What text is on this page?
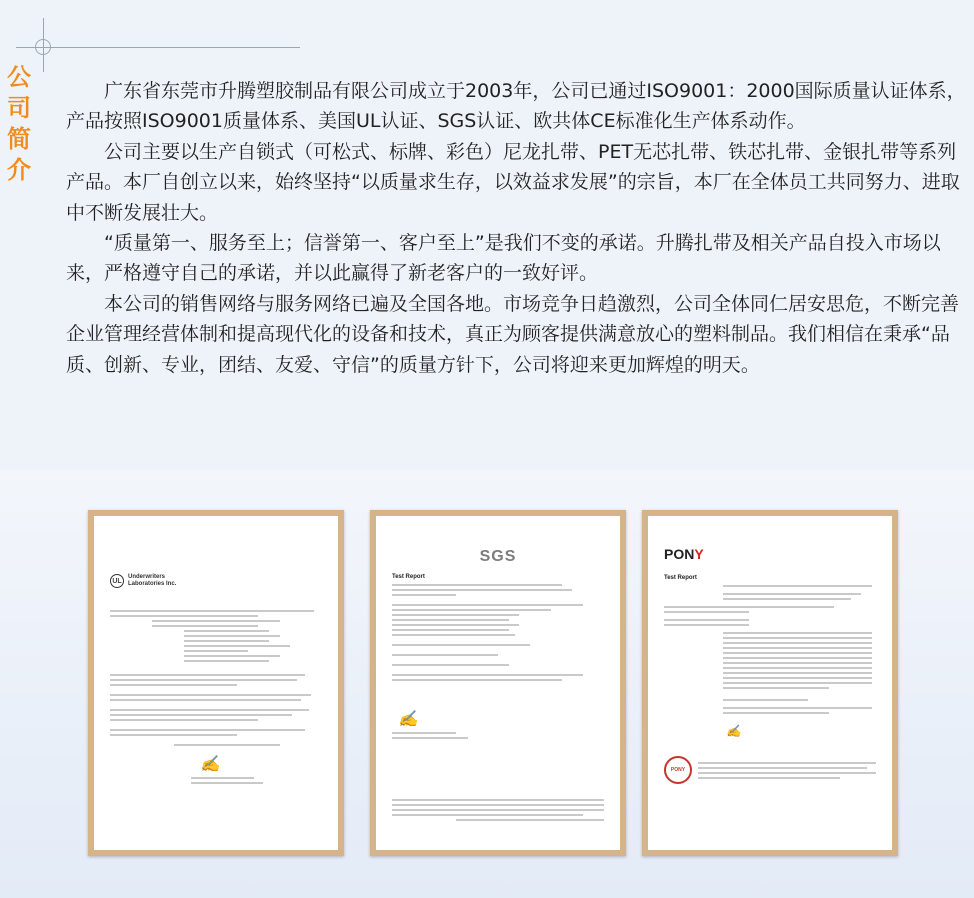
公
司
简
介

广东省东莞市升腾塑胶制品有限公司成立于2003年，公司已通过ISO9001：2000国际质量认证体系，产品按照ISO9001质量体系、美国UL认证、SGS认证、欧共体CE标准化生产体系动作。

公司主要以生产自锁式（可松式、标牌、彩色）尼龙扎带、PET无芯扎带、铁芯扎带、金银扎带等系列产品。本厂自创立以来，始终坚持“以质量求生存，以效益求发展”的宗旨，本厂在全体员工共同努力、进取中不断发展壮大。

“质量第一、服务至上；信誉第一、客户至上”是我们不变的承诺。升腾扎带及相关产品自投入市场以来，严格遵守自己的承诺，并以此赢得了新老客户的一致好评。

本公司的销售网络与服务网络已遍及全国各地。市场竞争日趋激烈，公司全体同仁居安思危，不断完善企业管理经营体制和提高现代化的设备和技术，真正为顾客提供满意放心的塑料制品。我们相信在秉承“品质、创新、专业，团结、友爱、守信”的质量方针下，公司将迎来更加辉煌的明天。

UL
Underwriters
Laboratories Inc.
✍
SGS
Test Report
✍
PONY

Test Report
✍
PONY
